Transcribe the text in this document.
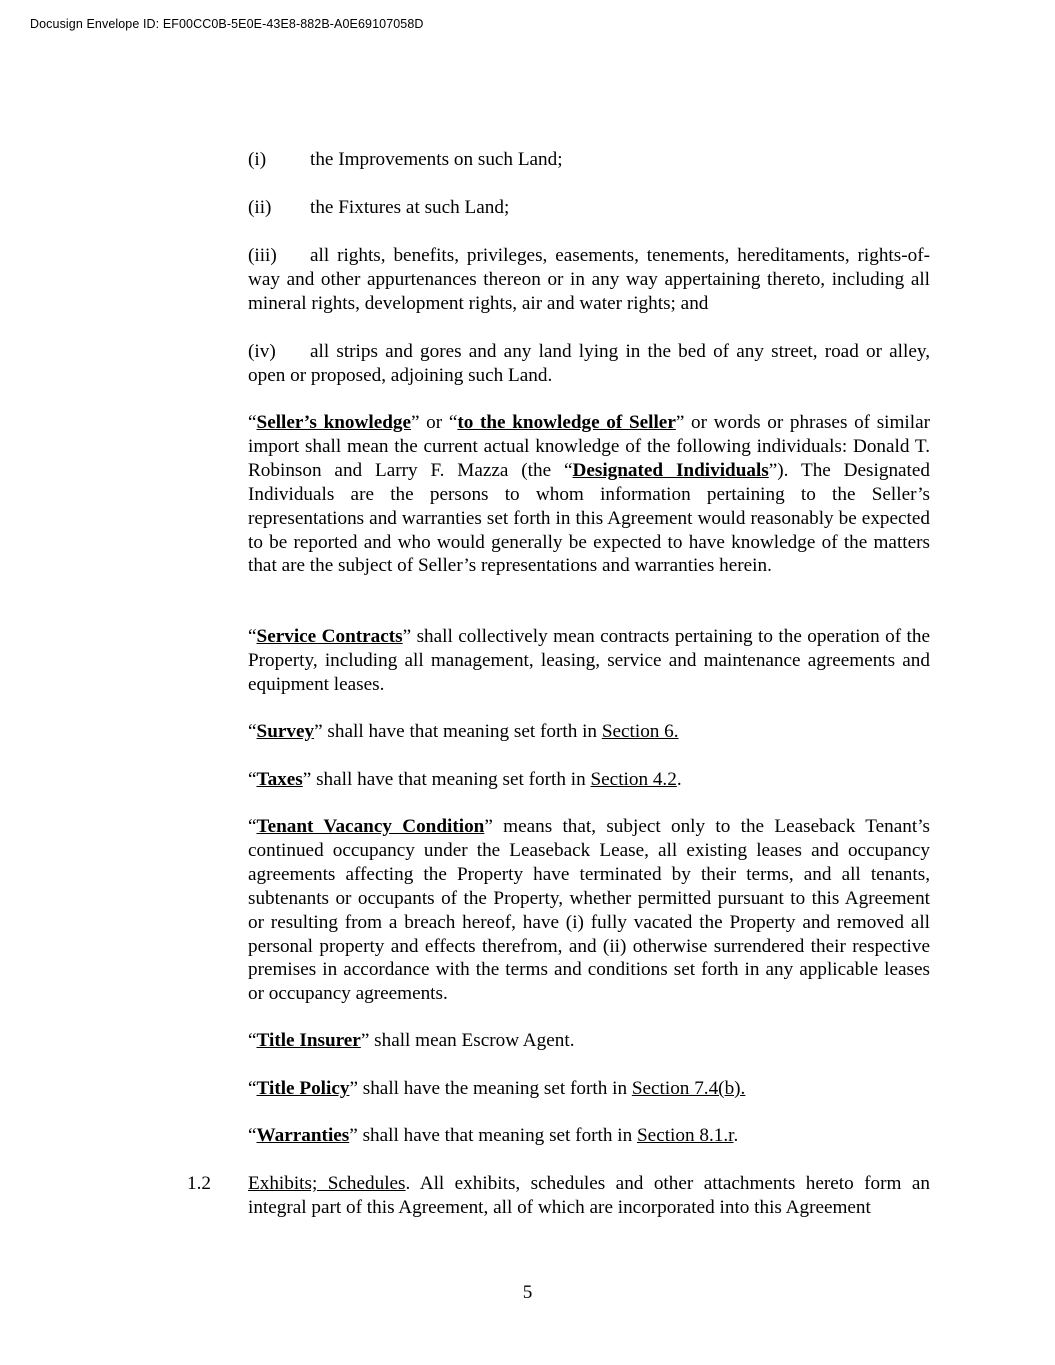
Docusign Envelope ID: EF00CC0B-5E0E-43E8-882B-A0E69107058D

(i) the Improvements on such Land;

(ii) the Fixtures at such Land;

(iii) all rights, benefits, privileges, easements, tenements, hereditaments, rights-of-way and other appurtenances thereon or in any way appertaining thereto, including all mineral rights, development rights, air and water rights; and

(iv) all strips and gores and any land lying in the bed of any street, road or alley, open or proposed, adjoining such Land.

“Seller’s knowledge” or “to the knowledge of Seller” or words or phrases of similar import shall mean the current actual knowledge of the following individuals: Donald T. Robinson and Larry F. Mazza (the “Designated Individuals”). The Designated Individuals are the persons to whom information pertaining to the Seller’s representations and warranties set forth in this Agreement would reasonably be expected to be reported and who would generally be expected to have knowledge of the matters that are the subject of Seller’s representations and warranties herein.

“Service Contracts” shall collectively mean contracts pertaining to the operation of the Property, including all management, leasing, service and maintenance agreements and equipment leases.

“Survey” shall have that meaning set forth in Section 6.

“Taxes” shall have that meaning set forth in Section 4.2.

“Tenant Vacancy Condition” means that, subject only to the Leaseback Tenant’s continued occupancy under the Leaseback Lease, all existing leases and occupancy agreements affecting the Property have terminated by their terms, and all tenants, subtenants or occupants of the Property, whether permitted pursuant to this Agreement or resulting from a breach hereof, have (i) fully vacated the Property and removed all personal property and effects therefrom, and (ii) otherwise surrendered their respective premises in accordance with the terms and conditions set forth in any applicable leases or occupancy agreements.

“Title Insurer” shall mean Escrow Agent.

“Title Policy” shall have the meaning set forth in Section 7.4(b).

“Warranties” shall have that meaning set forth in Section 8.1.r.

1.2 Exhibits; Schedules. All exhibits, schedules and other attachments hereto form an integral part of this Agreement, all of which are incorporated into this Agreement

5
